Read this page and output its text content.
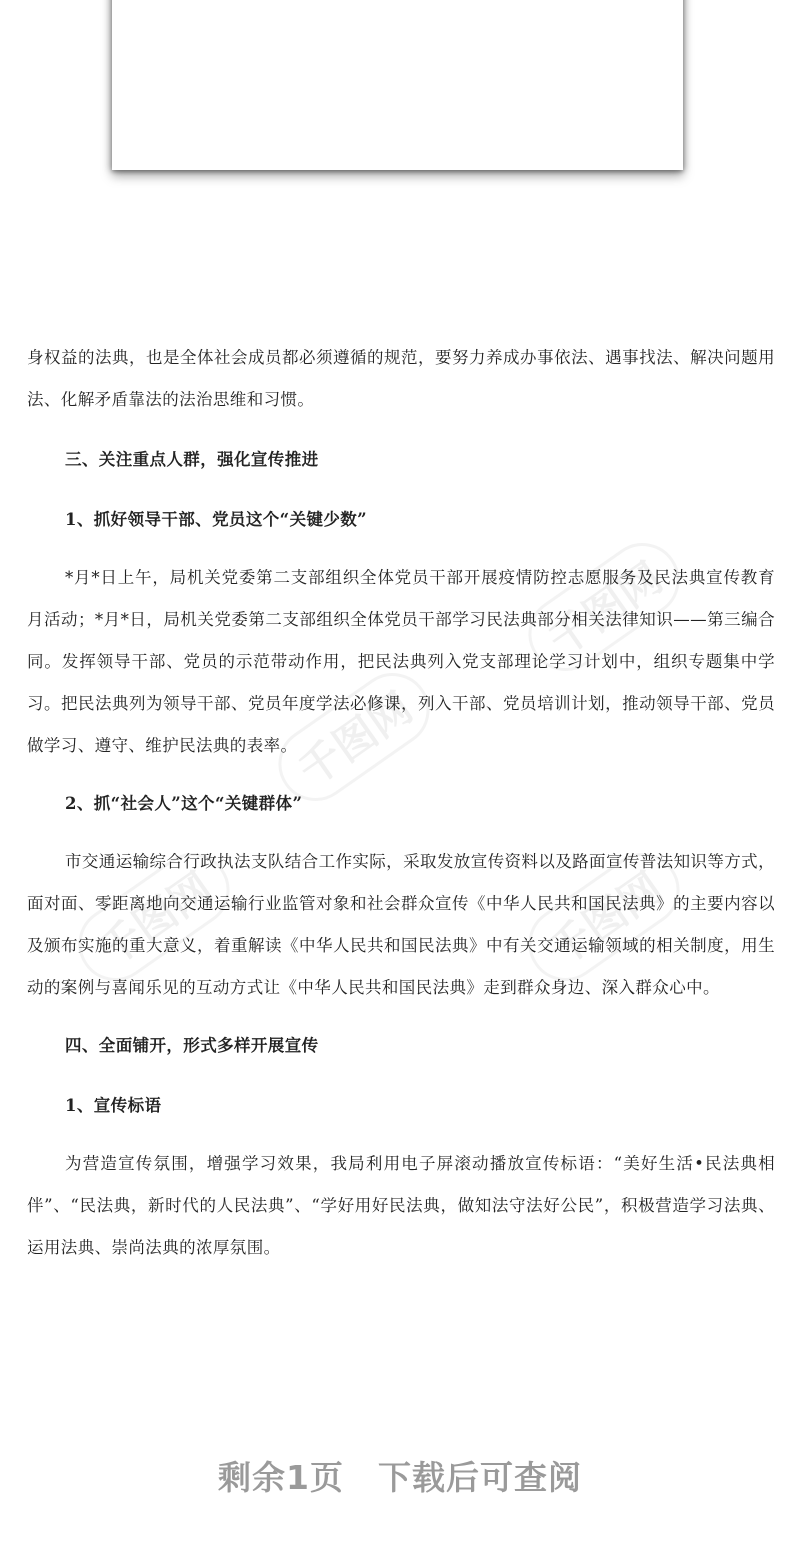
千图网
千图网
千图网
千图网

身权益的法典，也是全体社会成员都必须遵循的规范，要努力养成办事依法、遇事找法、解决问题用法、化解矛盾靠法的法治思维和习惯。

三、关注重点人群，强化宣传推进

1、抓好领导干部、党员这个“关键少数”

*月*日上午，局机关党委第二支部组织全体党员干部开展疫情防控志愿服务及民法典宣传教育月活动；*月*日，局机关党委第二支部组织全体党员干部学习民法典部分相关法律知识——第三编合同。发挥领导干部、党员的示范带动作用，把民法典列入党支部理论学习计划中，组织专题集中学习。把民法典列为领导干部、党员年度学法必修课，列入干部、党员培训计划，推动领导干部、党员做学习、遵守、维护民法典的表率。

2、抓“社会人”这个“关键群体”

市交通运输综合行政执法支队结合工作实际，采取发放宣传资料以及路面宣传普法知识等方式，面对面、零距离地向交通运输行业监管对象和社会群众宣传《中华人民共和国民法典》的主要内容以及颁布实施的重大意义，着重解读《中华人民共和国民法典》中有关交通运输领域的相关制度，用生动的案例与喜闻乐见的互动方式让《中华人民共和国民法典》走到群众身边、深入群众心中。

四、全面铺开，形式多样开展宣传

1、宣传标语

为营造宣传氛围，增强学习效果，我局利用电子屏滚动播放宣传标语：“美好生活•民法典相伴”、“民法典，新时代的人民法典”、“学好用好民法典，做知法守法好公民”，积极营造学习法典、运用法典、崇尚法典的浓厚氛围。

剩余1页 下载后可查阅
